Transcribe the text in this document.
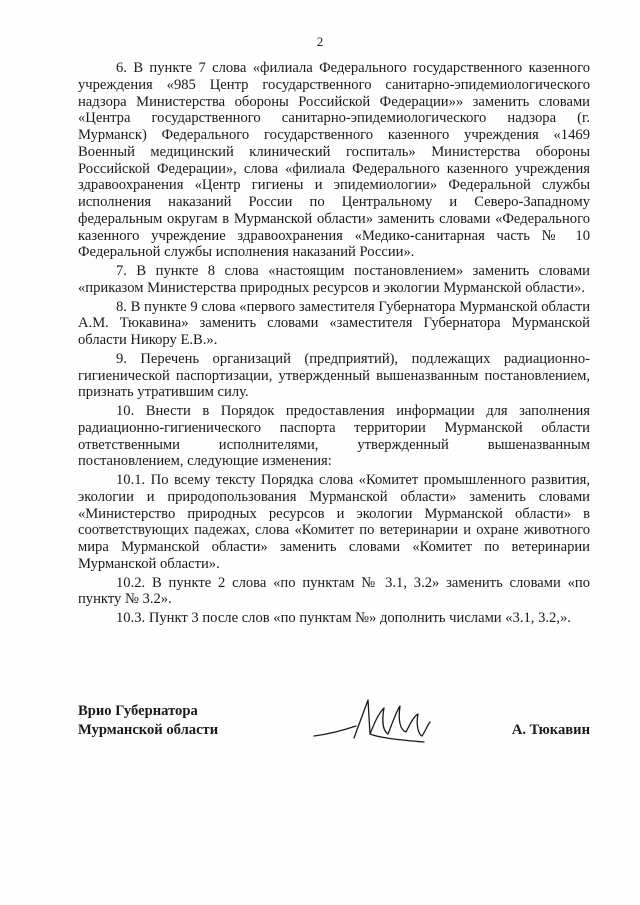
2

6. В пункте 7 слова «филиала Федерального государственного казенного учреждения «985 Центр государственного санитарно-эпидемиологического надзора Министерства обороны Российской Федерации»» заменить словами «Центра государственного санитарно-эпидемиологического надзора (г. Мурманск) Федерального государственного казенного учреждения «1469 Военный медицинский клинический госпиталь» Министерства обороны Российской Федерации», слова «филиала Федерального казенного учреждения здравоохранения «Центр гигиены и эпидемиологии» Федеральной службы исполнения наказаний России по Центральному и Северо-Западному федеральным округам в Мурманской области» заменить словами «Федерального казенного учреждение здравоохранения «Медико-санитарная часть № 10 Федеральной службы исполнения наказаний России».

7. В пункте 8 слова «настоящим постановлением» заменить словами «приказом Министерства природных ресурсов и экологии Мурманской области».

8. В пункте 9 слова «первого заместителя Губернатора Мурманской области А.М. Тюкавина» заменить словами «заместителя Губернатора Мурманской области Никору Е.В.».

9. Перечень организаций (предприятий), подлежащих радиационно-гигиенической паспортизации, утвержденный вышеназванным постановлением, признать утратившим силу.

10. Внести в Порядок предоставления информации для заполнения радиационно-гигиенического паспорта территории Мурманской области ответственными исполнителями, утвержденный вышеназванным постановлением, следующие изменения:

10.1. По всему тексту Порядка слова «Комитет промышленного развития, экологии и природопользования Мурманской области» заменить словами «Министерство природных ресурсов и экологии Мурманской области» в соответствующих падежах, слова «Комитет по ветеринарии и охране животного мира Мурманской области» заменить словами «Комитет по ветеринарии Мурманской области».

10.2. В пункте 2 слова «по пунктам № 3.1, 3.2» заменить словами «по пункту № 3.2».

10.3. Пункт 3 после слов «по пунктам №» дополнить числами «3.1, 3.2,».

Врио Губернатора
Мурманской области	А. Тюкавин
